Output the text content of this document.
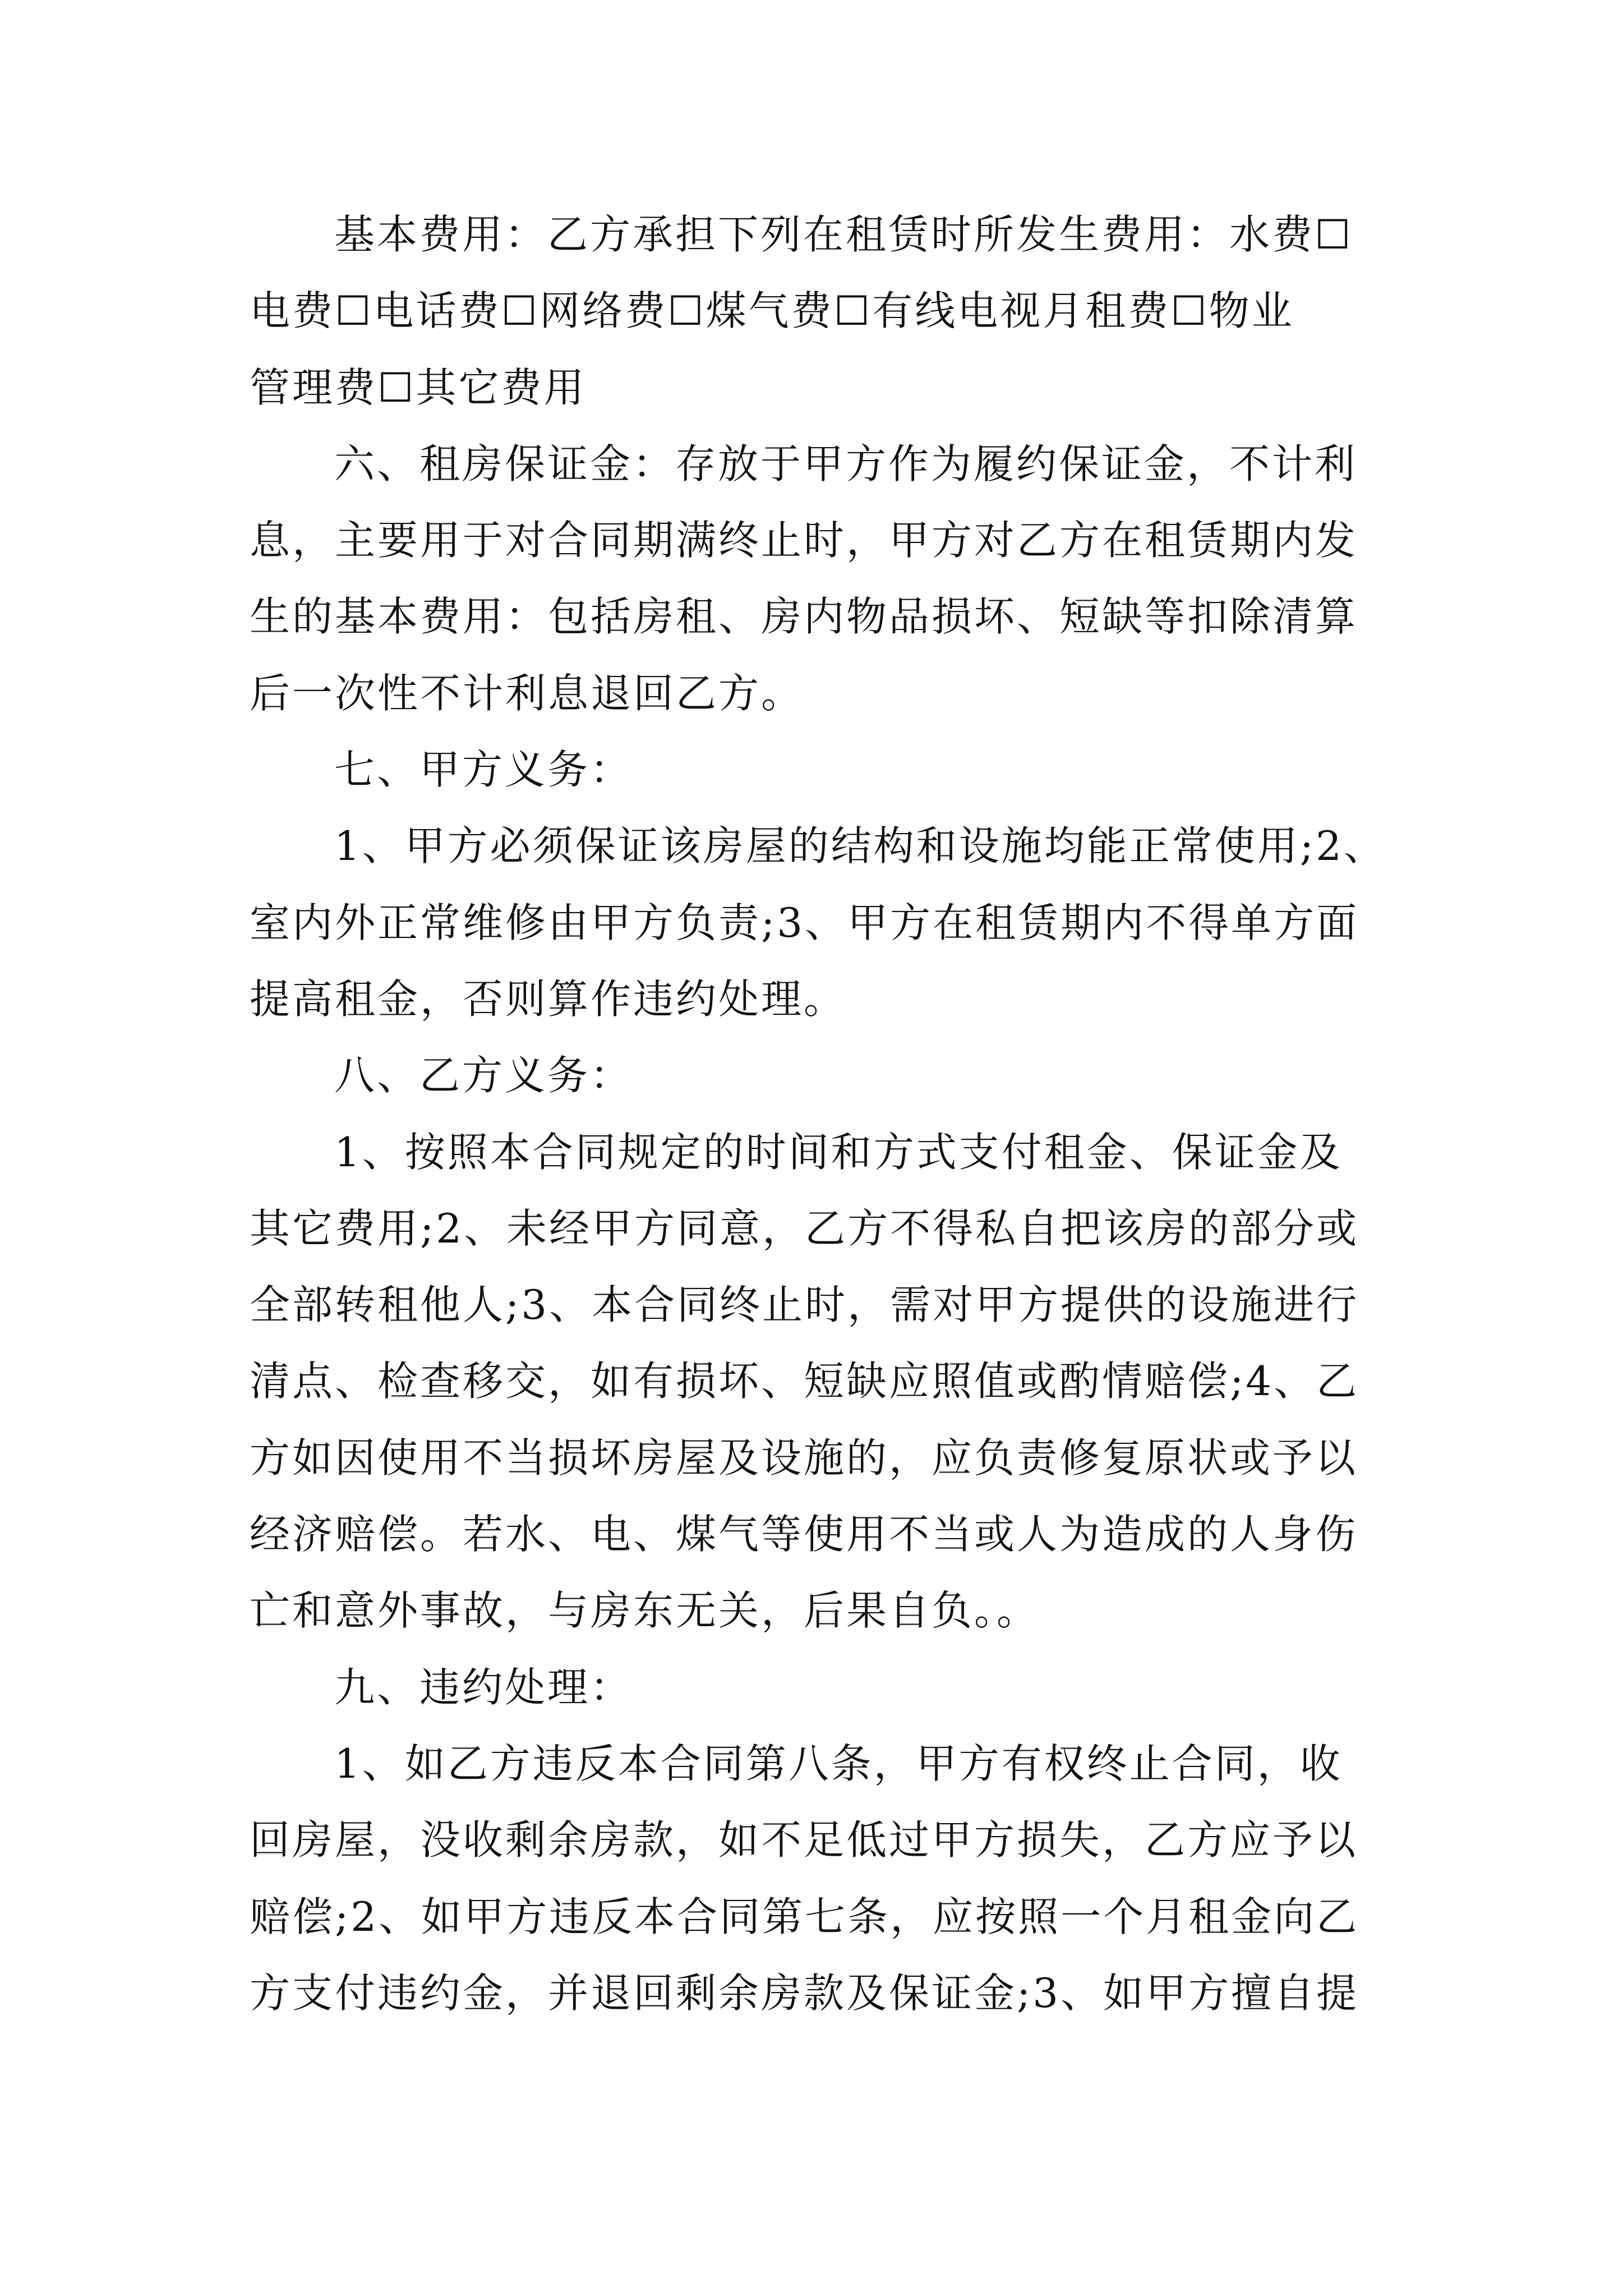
基本费用：乙方承担下列在租赁时所发生费用：水费☐
电费☐电话费☐网络费☐煤气费☐有线电视月租费☐物业
管理费☐其它费用
六、租房保证金：存放于甲方作为履约保证金，不计利
息，主要用于对合同期满终止时，甲方对乙方在租赁期内发
生的基本费用：包括房租、房内物品损坏、短缺等扣除清算
后一次性不计利息退回乙方。
七、甲方义务：
1、甲方必须保证该房屋的结构和设施均能正常使用;2、
室内外正常维修由甲方负责;3、甲方在租赁期内不得单方面
提高租金，否则算作违约处理。
八、乙方义务：
1、按照本合同规定的时间和方式支付租金、保证金及
其它费用;2、未经甲方同意，乙方不得私自把该房的部分或
全部转租他人;3、本合同终止时，需对甲方提供的设施进行
清点、检查移交，如有损坏、短缺应照值或酌情赔偿;4、乙
方如因使用不当损坏房屋及设施的，应负责修复原状或予以
经济赔偿。若水、电、煤气等使用不当或人为造成的人身伤
亡和意外事故，与房东无关，后果自负。。
九、违约处理：
1、如乙方违反本合同第八条，甲方有权终止合同，收
回房屋，没收剩余房款，如不足低过甲方损失，乙方应予以
赔偿;2、如甲方违反本合同第七条，应按照一个月租金向乙
方支付违约金，并退回剩余房款及保证金;3、如甲方擅自提
